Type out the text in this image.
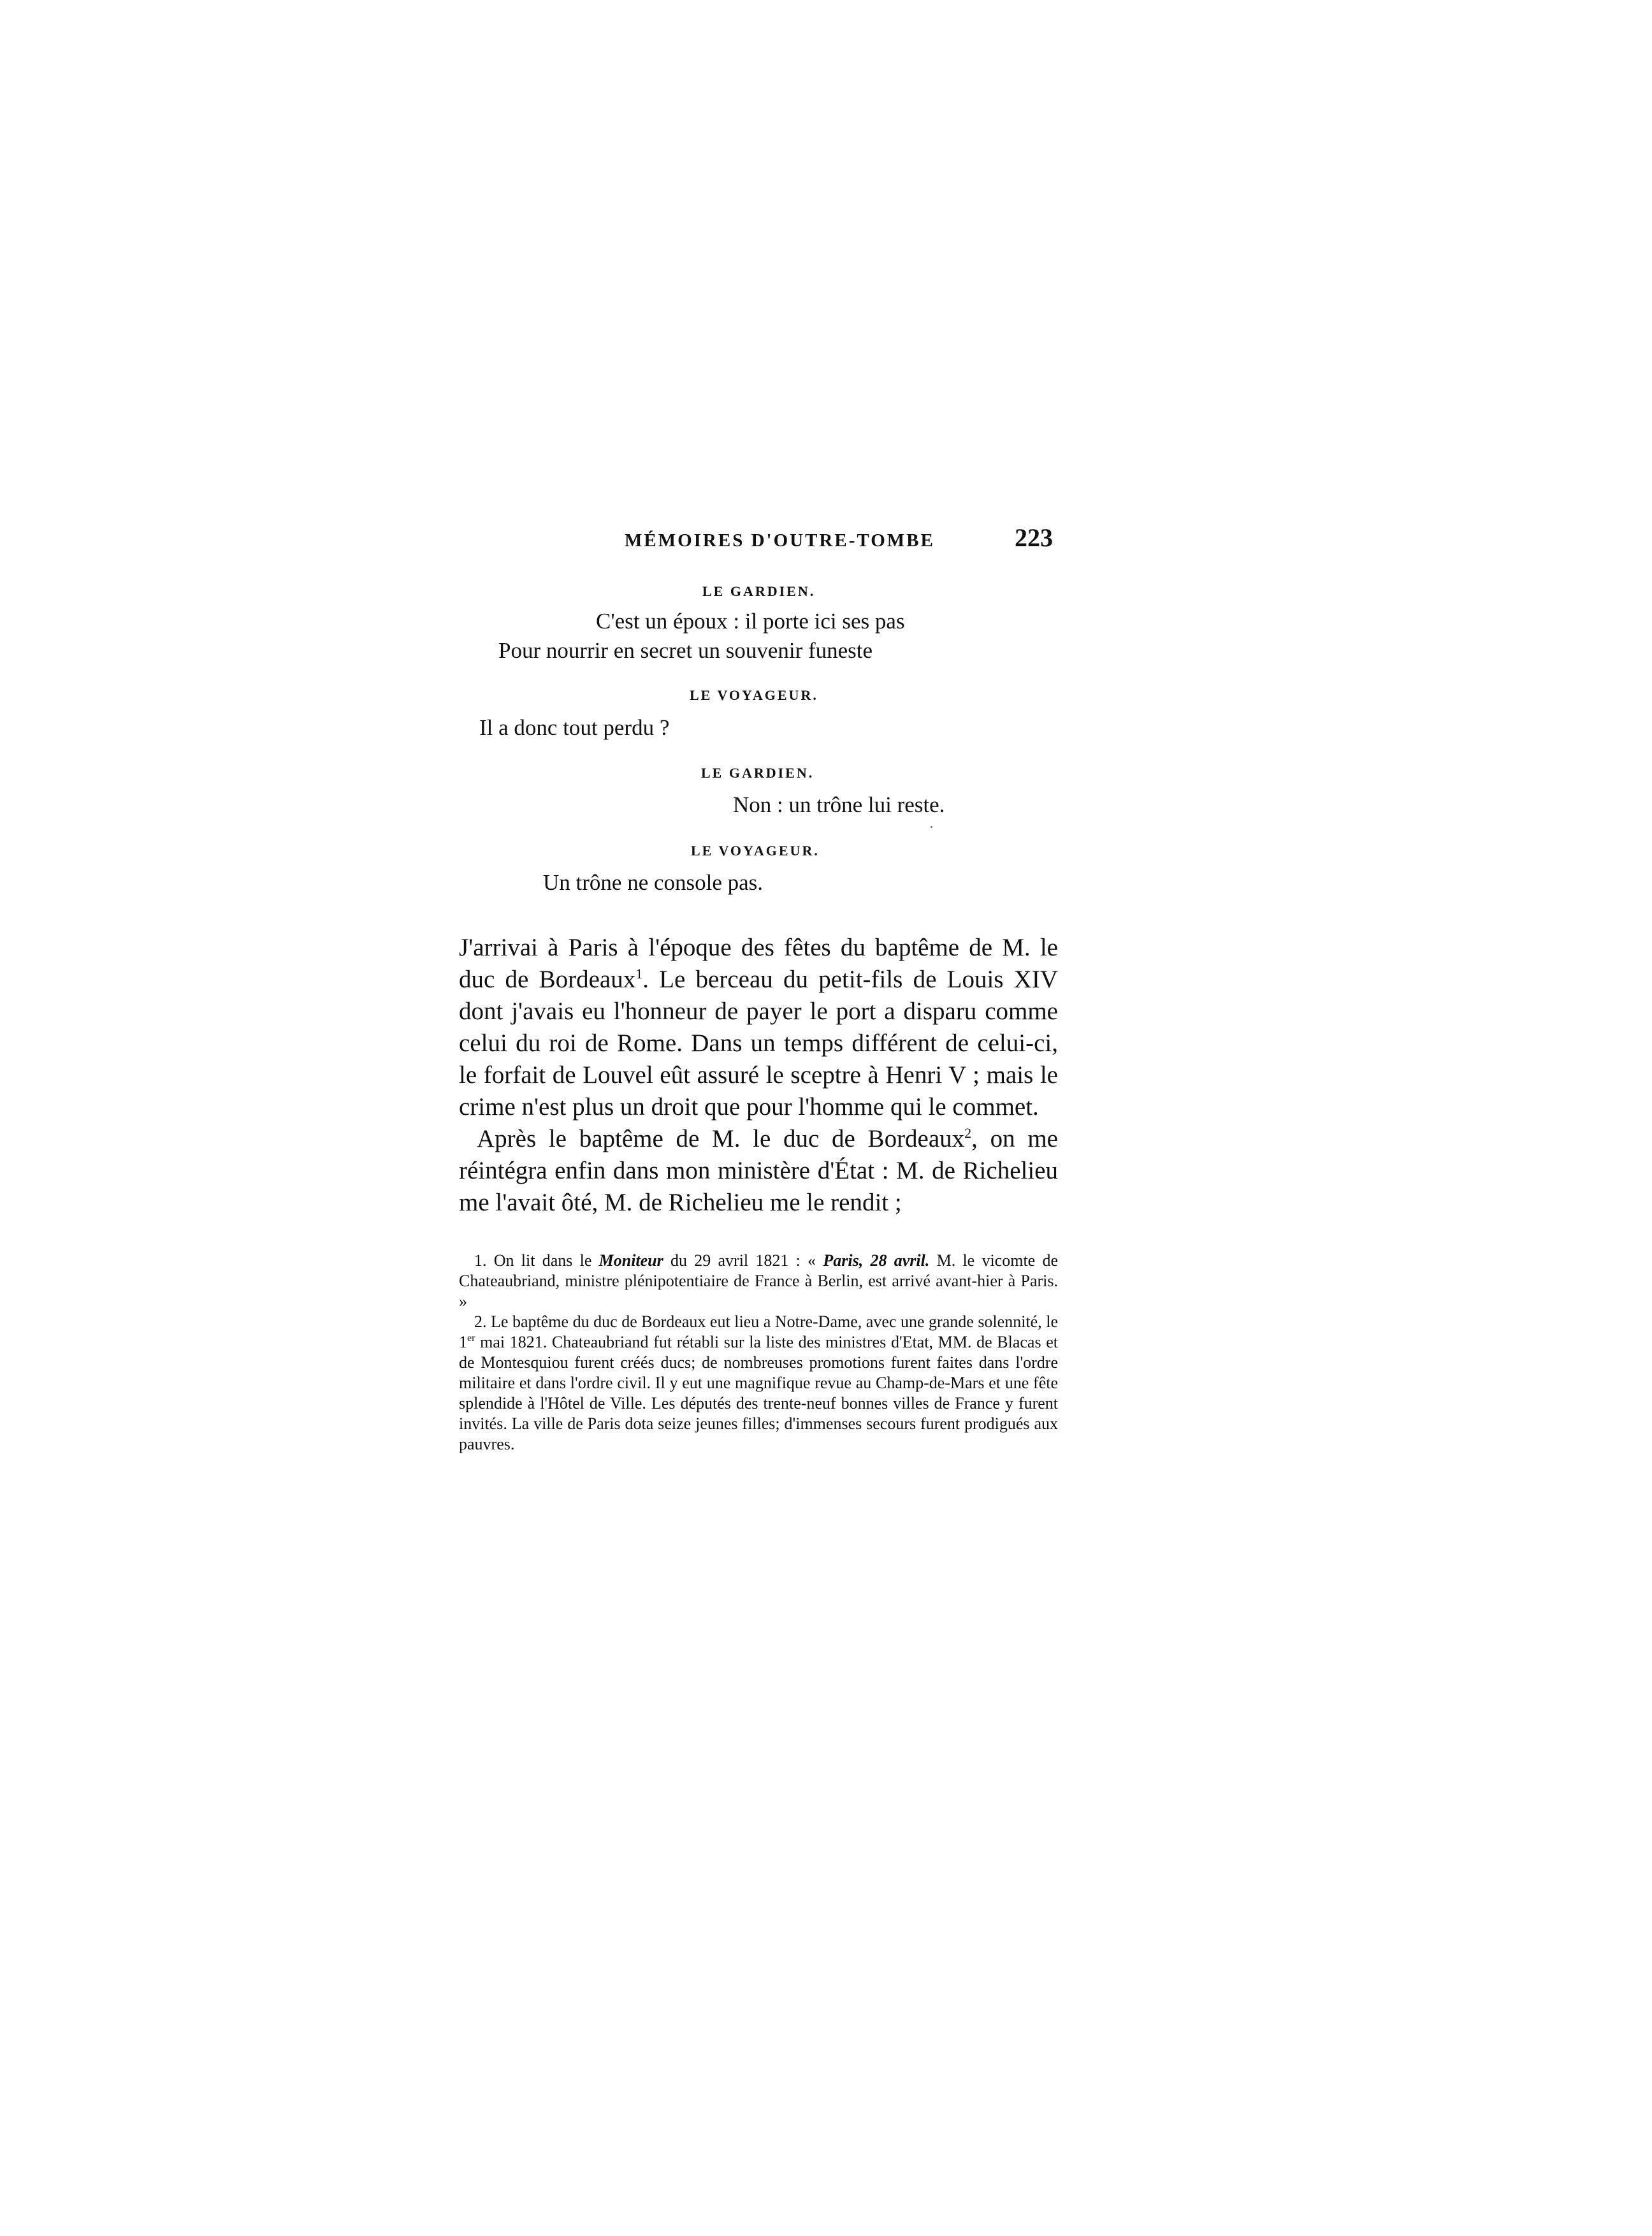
MÉMOIRES D'OUTRE-TOMBE	223
LE GARDIEN.
C'est un époux : il porte ici ses pas
Pour nourrir en secret un souvenir funeste
LE VOYAGEUR.
Il a donc tout perdu ?
LE GARDIEN.
Non : un trône lui reste.
LE VOYAGEUR.
Un trône ne console pas.

J'arrivai à Paris à l'époque des fêtes du baptême de M. le duc de Bordeaux$^1$. Le berceau du petit-fils de Louis XIV dont j'avais eu l'honneur de payer le port a disparu comme celui du roi de Rome. Dans un temps différent de celui-ci, le forfait de Louvel eût assuré le sceptre à Henri V ; mais le crime n'est plus un droit que pour l'homme qui le commet.

Après le baptême de M. le duc de Bordeaux$^2$, on me réintégra enfin dans mon ministère d'État : M. de Richelieu me l'avait ôté, M. de Richelieu me le rendit ;

1. On lit dans le Moniteur du 29 avril 1821 : « Paris, 28 avril. M. le vicomte de Chateaubriand, ministre plénipotentiaire de France à Berlin, est arrivé avant-hier à Paris. »

2. Le baptême du duc de Bordeaux eut lieu a Notre-Dame, avec une grande solennité, le 1er mai 1821. Chateaubriand fut rétabli sur la liste des ministres d'Etat, MM. de Blacas et de Montesquiou furent créés ducs; de nombreuses promotions furent faites dans l'ordre militaire et dans l'ordre civil. Il y eut une magnifique revue au Champ-de-Mars et une fête splendide à l'Hôtel de Ville. Les députés des trente-neuf bonnes villes de France y furent invités. La ville de Paris dota seize jeunes filles; d'immenses secours furent prodigués aux pauvres.
